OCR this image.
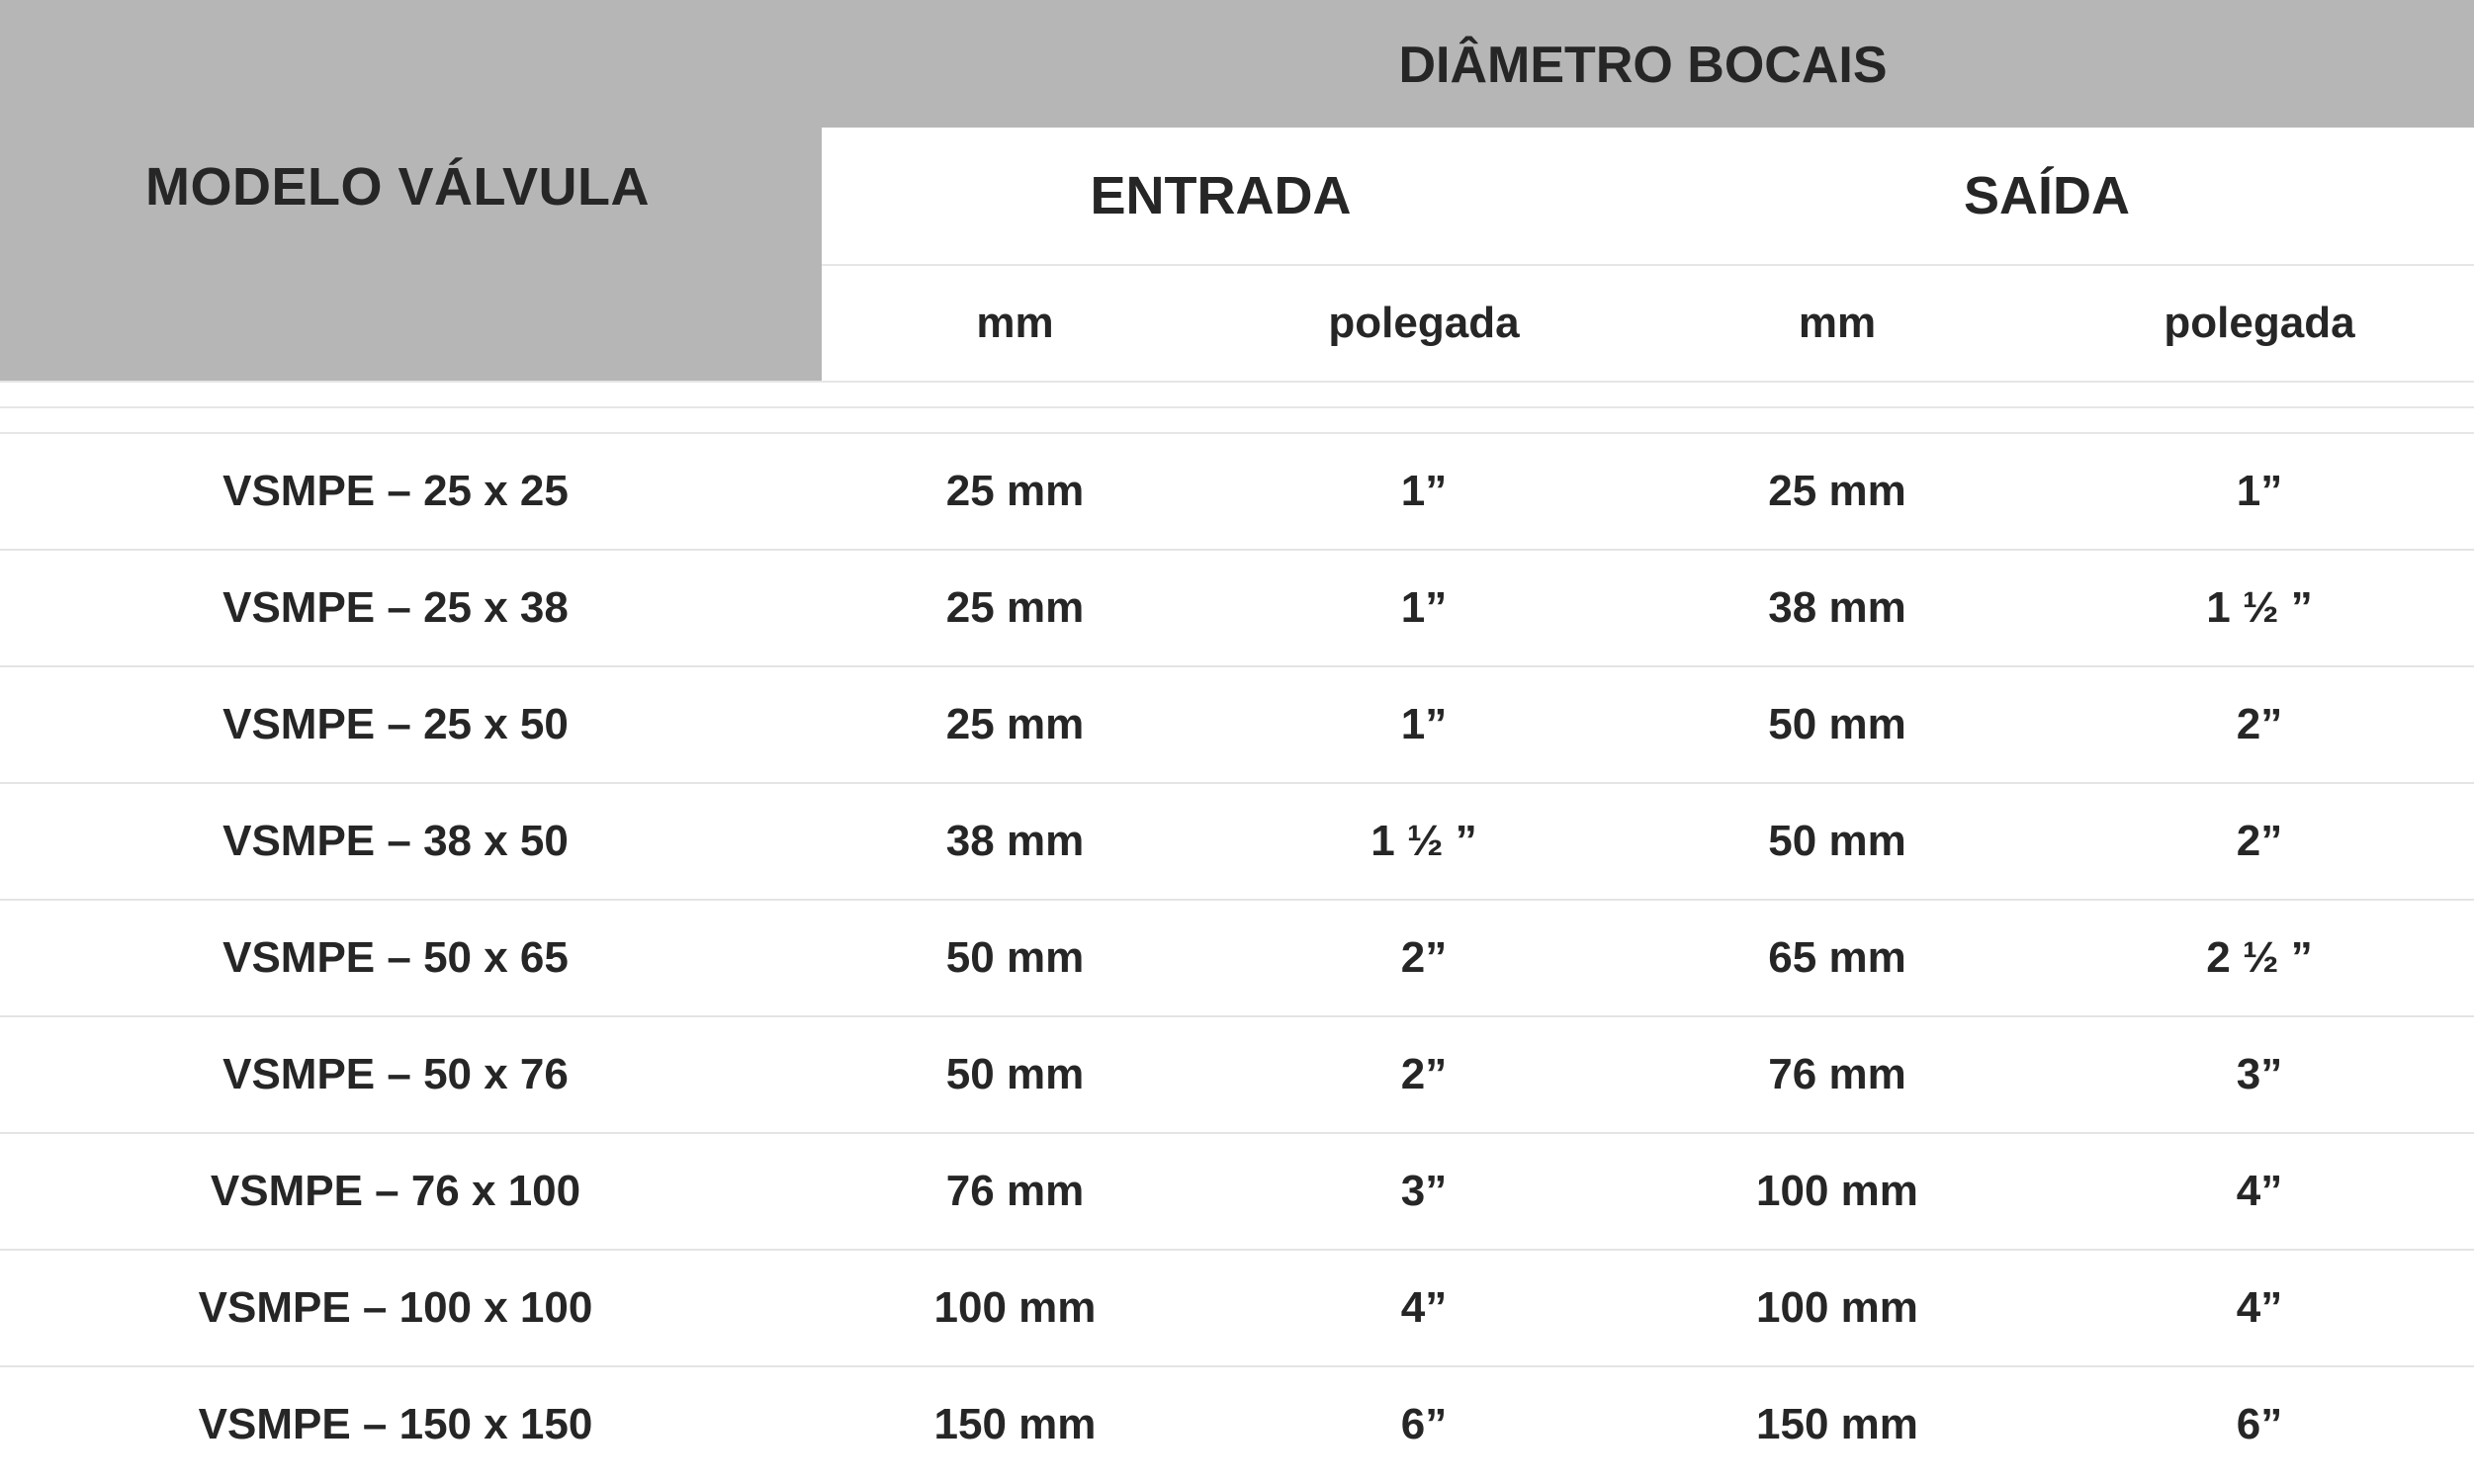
MODELO VÁLVULA
DIÂMETRO BOCAIS
ENTRADA	SAÍDA
mm	polegada	mm	polegada
VSMPE – 25 x 25	25 mm	1”	25 mm	1”
VSMPE – 25 x 38	25 mm	1”	38 mm	1 ½ ”
VSMPE – 25 x 50	25 mm	1”	50 mm	2”
VSMPE – 38 x 50	38 mm	1 ½ ”	50 mm	2”
VSMPE – 50 x 65	50 mm	2”	65 mm	2 ½ ”
VSMPE – 50 x 76	50 mm	2”	76 mm	3”
VSMPE – 76 x 100	76 mm	3”	100 mm	4”
VSMPE – 100 x 100	100 mm	4”	100 mm	4”
VSMPE – 150 x 150	150 mm	6”	150 mm	6”
